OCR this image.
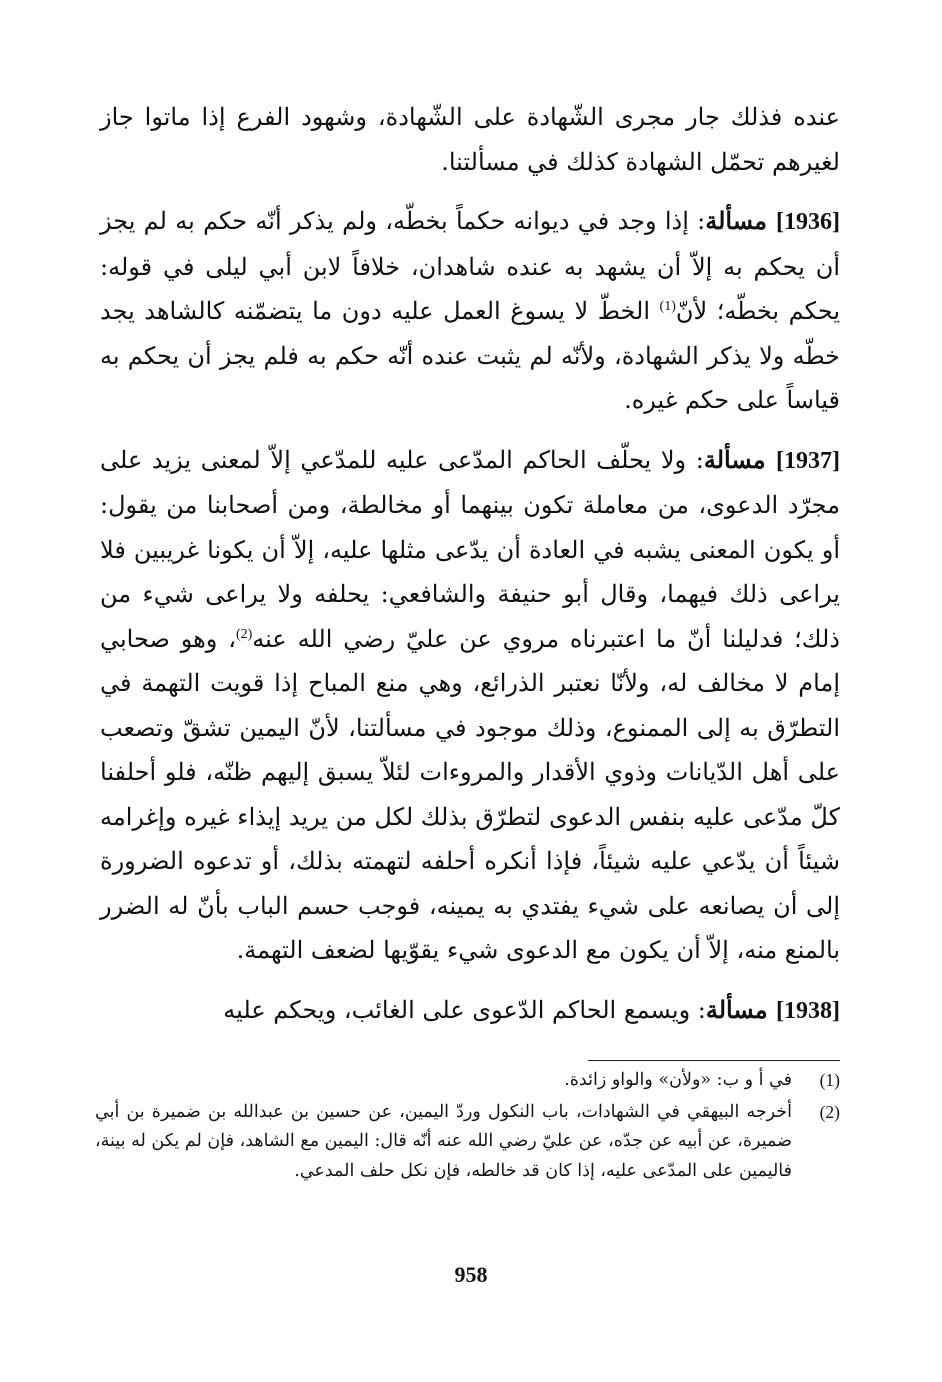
عنده فذلك جار مجرى الشّهادة على الشّهادة، وشهود الفرع إذا ماتوا جاز لغيرهم تحمّل الشهادة كذلك في مسألتنا.

[1936] مسألة: إذا وجد في ديوانه حكماً بخطّه، ولم يذكر أنّه حكم به لم يجز أن يحكم به إلاّ أن يشهد به عنده شاهدان، خلافاً لابن أبي ليلى في قوله: يحكم بخطّه؛ لأنّ$^{(1)}$ الخطّ لا يسوغ العمل عليه دون ما يتضمّنه كالشاهد يجد خطّه ولا يذكر الشهادة، ولأنّه لم يثبت عنده أنّه حكم به فلم يجز أن يحكم به قياساً على حكم غيره.

[1937] مسألة: ولا يحلّف الحاكم المدّعى عليه للمدّعي إلاّ لمعنى يزيد على مجرّد الدعوى، من معاملة تكون بينهما أو مخالطة، ومن أصحابنا من يقول: أو يكون المعنى يشبه في العادة أن يدّعى مثلها عليه، إلاّ أن يكونا غريبين فلا يراعى ذلك فيهما، وقال أبو حنيفة والشافعي: يحلفه ولا يراعى شيء من ذلك؛ فدليلنا أنّ ما اعتبرناه مروي عن عليّ رضي الله عنه$^{(2)}$، وهو صحابي إمام لا مخالف له، ولأنّا نعتبر الذرائع، وهي منع المباح إذا قويت التهمة في التطرّق به إلى الممنوع، وذلك موجود في مسألتنا، لأنّ اليمين تشقّ وتصعب على أهل الدّيانات وذوي الأقدار والمروءات لئلاّ يسبق إليهم ظنّه، فلو أحلفنا كلّ مدّعى عليه بنفس الدعوى لتطرّق بذلك لكل من يريد إيذاء غيره وإغرامه شيئاً أن يدّعي عليه شيئاً، فإذا أنكره أحلفه لتهمته بذلك، أو تدعوه الضرورة إلى أن يصانعه على شيء يفتدي به يمينه، فوجب حسم الباب بأنّ له الضرر بالمنع منه، إلاّ أن يكون مع الدعوى شيء يقوّيها لضعف التهمة.

[1938] مسألة: ويسمع الحاكم الدّعوى على الغائب، ويحكم عليه

(1)
في أ و ب: «ولأن» والواو زائدة.
(2)
أخرجه البيهقي في الشهادات، باب النكول وردّ اليمين، عن حسين بن عبدالله بن ضميرة بن أبي ضميرة، عن أبيه عن جدّه، عن عليّ رضي الله عنه أنّه قال: اليمين مع الشاهد، فإن لم يكن له بينة، فاليمين على المدّعى عليه، إذا كان قد خالطه، فإن نكل حلف المدعي.
958
